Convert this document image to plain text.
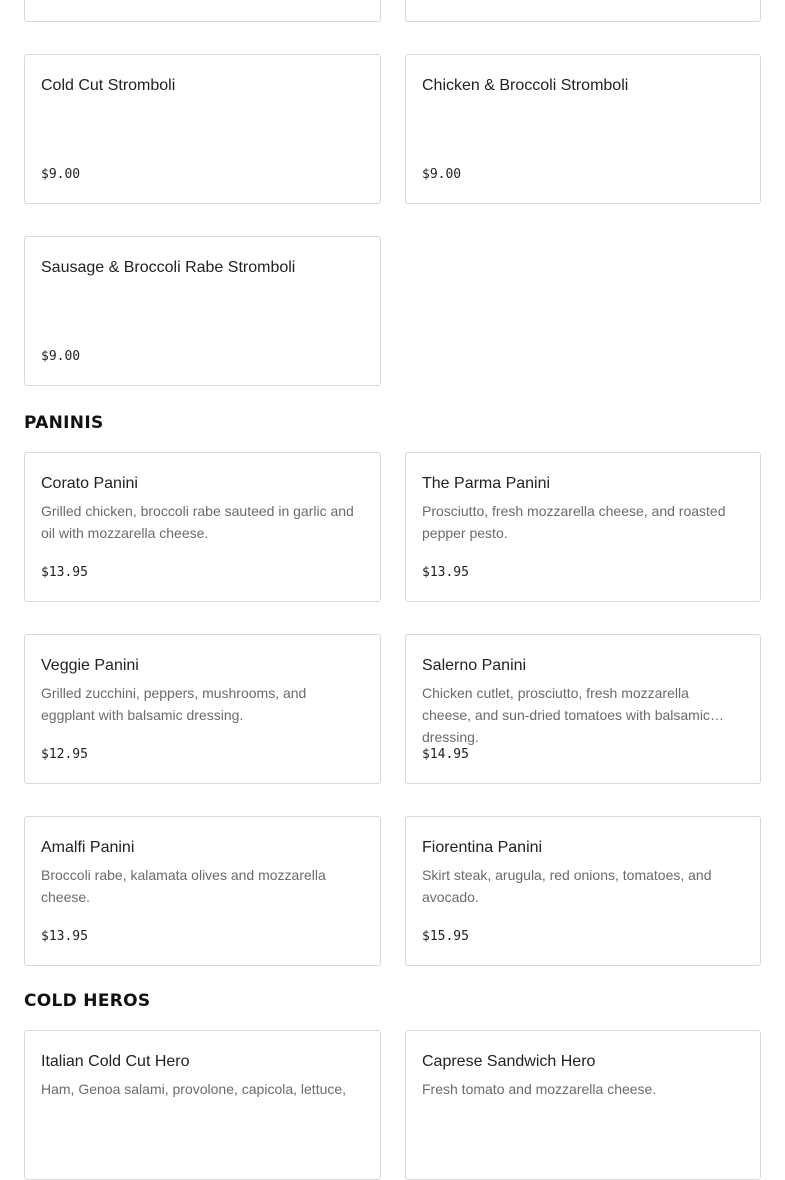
Cold Cut Stromboli
$9.00
Chicken & Broccoli Stromboli
$9.00
Sausage & Broccoli Rabe Stromboli
$9.00
PANINIS
Corato Panini
Grilled chicken, broccoli rabe sauteed in garlic and oil with mozzarella cheese.
$13.95
The Parma Panini
Prosciutto, fresh mozzarella cheese, and roasted pepper pesto.
$13.95
Veggie Panini
Grilled zucchini, peppers, mushrooms, and eggplant with balsamic dressing.
$12.95
Salerno Panini
Chicken cutlet, prosciutto, fresh mozzarella cheese, and sun-dried tomatoes with balsamic dressing.
$14.95
Amalfi Panini
Broccoli rabe, kalamata olives and mozzarella cheese.
$13.95
Fiorentina Panini
Skirt steak, arugula, red onions, tomatoes, and avocado.
$15.95
COLD HEROS
Italian Cold Cut Hero
Ham, Genoa salami, provolone, capicola, lettuce,
Caprese Sandwich Hero
Fresh tomato and mozzarella cheese.
